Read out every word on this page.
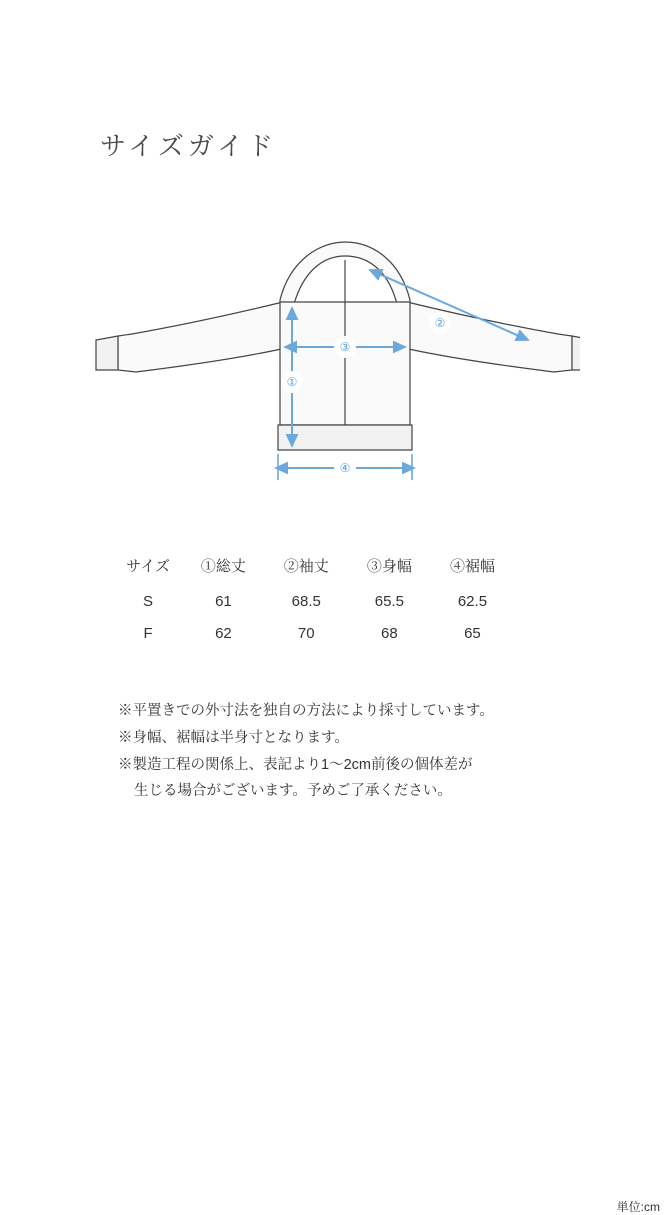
サイズガイド
②
③
①
④
サイズ	①総丈	②袖丈	③身幅	④裾幅
S	61	68.5	65.5	62.5
F	62	70	68	65
単位:cm
※平置きでの外寸法を独自の方法により採寸しています。
※身幅、裾幅は半身寸となります。
※製造工程の関係上、表記より1〜2cm前後の個体差が
生じる場合がございます。予めご了承ください。
